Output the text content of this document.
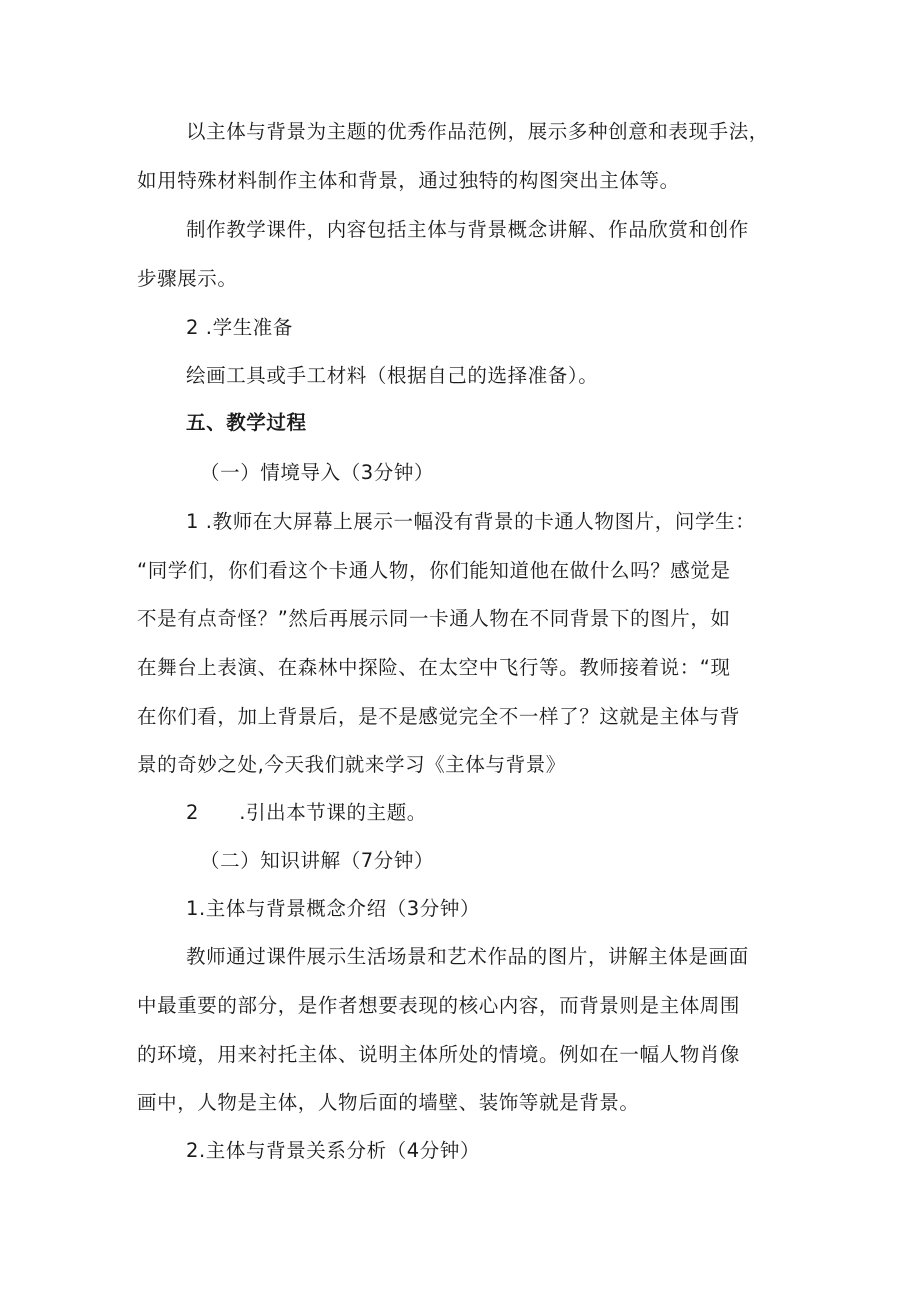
以主体与背景为主题的优秀作品范例，展示多种创意和表现手法，
如用特殊材料制作主体和背景，通过独特的构图突出主体等。
制作教学课件，内容包括主体与背景概念讲解、作品欣赏和创作
步骤展示。
2 .学生准备
绘画工具或手工材料（根据自己的选择准备）。
五、教学过程
（一）情境导入（3分钟）
1 .教师在大屏幕上展示一幅没有背景的卡通人物图片，问学生：
“同学们，你们看这个卡通人物，你们能知道他在做什么吗？感觉是
不是有点奇怪？”然后再展示同一卡通人物在不同背景下的图片，如
在舞台上表演、在森林中探险、在太空中飞行等。教师接着说：“现
在你们看，加上背景后，是不是感觉完全不一样了？这就是主体与背
景的奇妙之处,今天我们就来学习《主体与背景》
2　　.引出本节课的主题。
（二）知识讲解（7分钟）
1.主体与背景概念介绍（3分钟）
教师通过课件展示生活场景和艺术作品的图片，讲解主体是画面
中最重要的部分，是作者想要表现的核心内容，而背景则是主体周围
的环境，用来衬托主体、说明主体所处的情境。例如在一幅人物肖像
画中，人物是主体，人物后面的墙壁、装饰等就是背景。
2.主体与背景关系分析（4分钟）
